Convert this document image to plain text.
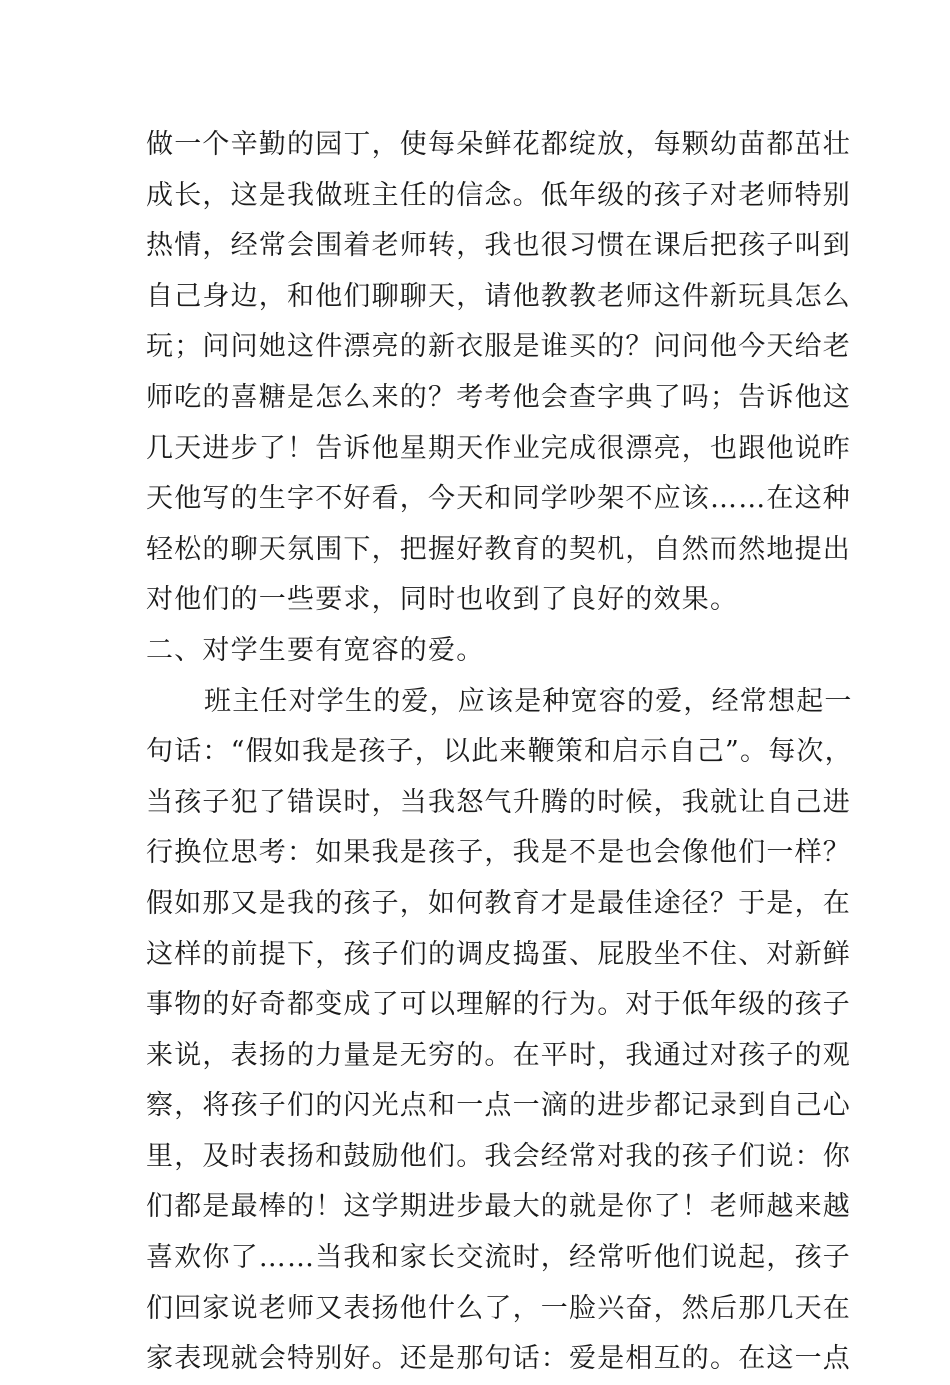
做一个辛勤的园丁，使每朵鲜花都绽放，每颗幼苗都茁壮
成长，这是我做班主任的信念。低年级的孩子对老师特别
热情，经常会围着老师转，我也很习惯在课后把孩子叫到
自己身边，和他们聊聊天，请他教教老师这件新玩具怎么
玩；问问她这件漂亮的新衣服是谁买的？问问他今天给老
师吃的喜糖是怎么来的？考考他会查字典了吗；告诉他这
几天进步了！告诉他星期天作业完成很漂亮，也跟他说昨
天他写的生字不好看，今天和同学吵架不应该……在这种
轻松的聊天氛围下，把握好教育的契机，自然而然地提出
对他们的一些要求，同时也收到了良好的效果。
二、对学生要有宽容的爱。
班主任对学生的爱，应该是种宽容的爱，经常想起一
句话：“假如我是孩子，以此来鞭策和启示自己”。每次，
当孩子犯了错误时，当我怒气升腾的时候，我就让自己进
行换位思考：如果我是孩子，我是不是也会像他们一样？
假如那又是我的孩子，如何教育才是最佳途径？于是，在
这样的前提下，孩子们的调皮捣蛋、屁股坐不住、对新鲜
事物的好奇都变成了可以理解的行为。对于低年级的孩子
来说，表扬的力量是无穷的。在平时，我通过对孩子的观
察，将孩子们的闪光点和一点一滴的进步都记录到自己心
里，及时表扬和鼓励他们。我会经常对我的孩子们说：你
们都是最棒的！这学期进步最大的就是你了！老师越来越
喜欢你了……当我和家长交流时，经常听他们说起，孩子
们回家说老师又表扬他什么了，一脸兴奋，然后那几天在
家表现就会特别好。还是那句话：爱是相互的。在这一点
